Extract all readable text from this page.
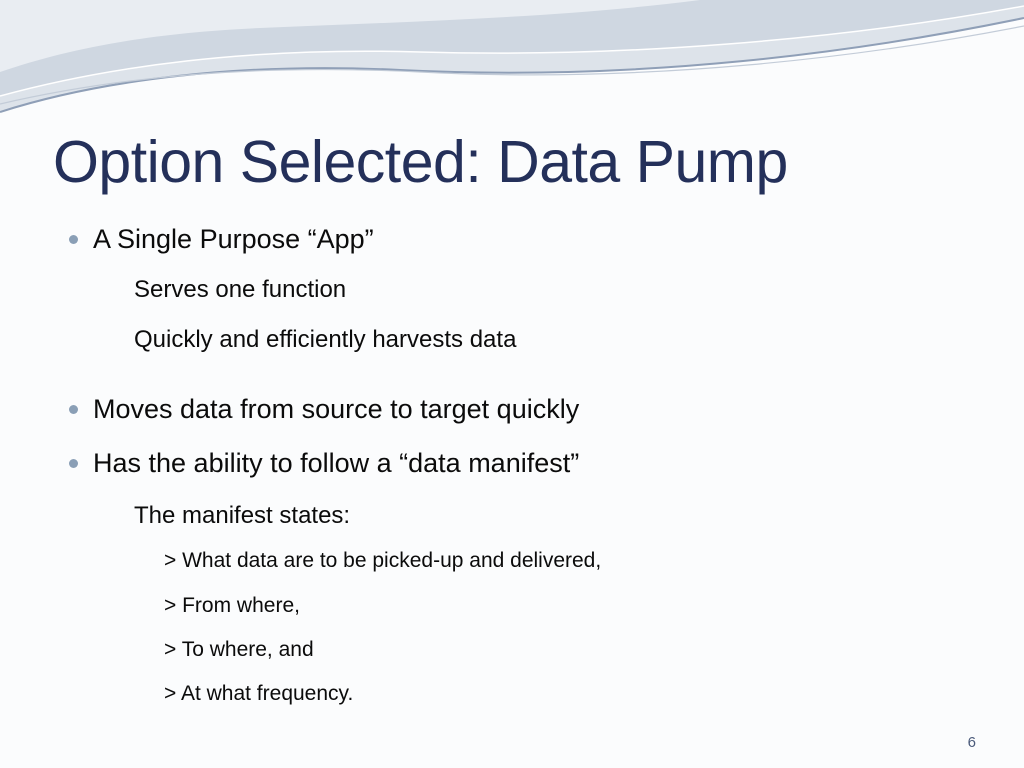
Option Selected: Data Pump
A Single Purpose “App”
Serves one function
Quickly and efficiently harvests data
Moves data from source to target quickly
Has the ability to follow a “data manifest”
The manifest states:
> What data are to be picked-up and delivered,
> From where,
> To where, and
> At what frequency.
6
